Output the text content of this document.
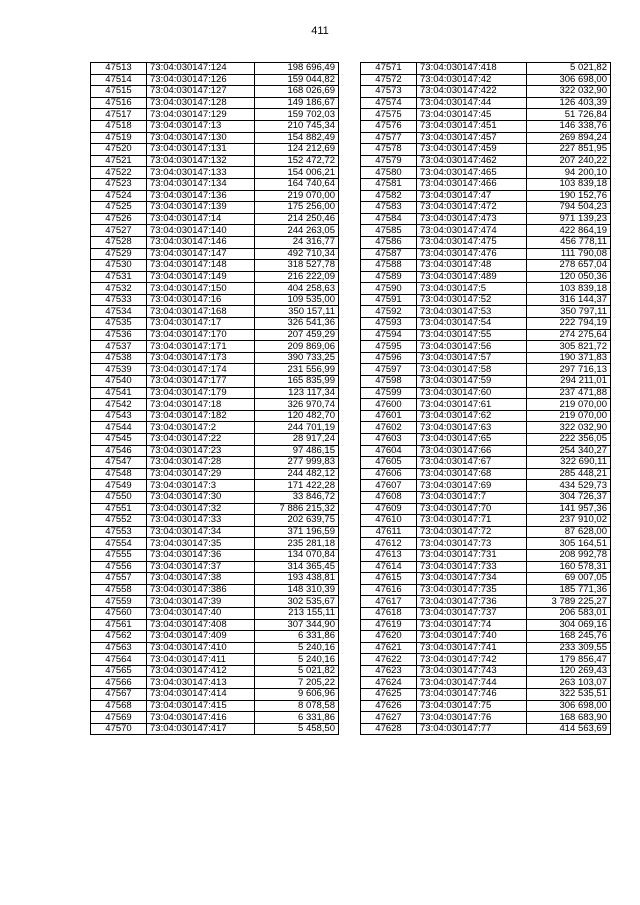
411
47513	73:04:030147:124	198 696,49
47514	73:04:030147:126	159 044,82
47515	73:04:030147:127	168 026,69
47516	73:04:030147:128	149 186,67
47517	73:04:030147:129	159 702,03
47518	73:04:030147:13	210 745,34
47519	73:04:030147:130	154 882,49
47520	73:04:030147:131	124 212,69
47521	73:04:030147:132	152 472,72
47522	73:04:030147:133	154 006,21
47523	73:04:030147:134	164 740,64
47524	73:04:030147:136	219 070,00
47525	73:04:030147:139	175 256,00
47526	73:04:030147:14	214 250,46
47527	73:04:030147:140	244 263,05
47528	73:04:030147:146	24 316,77
47529	73:04:030147:147	492 710,34
47530	73:04:030147:148	318 527,78
47531	73:04:030147:149	216 222,09
47532	73:04:030147:150	404 258,63
47533	73:04:030147:16	109 535,00
47534	73:04:030147:168	350 157,11
47535	73:04:030147:17	326 541,36
47536	73:04:030147:170	207 459,29
47537	73:04:030147:171	209 869,06
47538	73:04:030147:173	390 733,25
47539	73:04:030147:174	231 556,99
47540	73:04:030147:177	165 835,99
47541	73:04:030147:179	123 117,34
47542	73:04:030147:18	326 970,74
47543	73:04:030147:182	120 482,70
47544	73:04:030147:2	244 701,19
47545	73:04:030147:22	28 917,24
47546	73:04:030147:23	97 486,15
47547	73:04:030147:28	277 999,83
47548	73:04:030147:29	244 482,12
47549	73:04:030147:3	171 422,28
47550	73:04:030147:30	33 846,72
47551	73:04:030147:32	7 886 215,32
47552	73:04:030147:33	202 639,75
47553	73:04:030147:34	371 196,59
47554	73:04:030147:35	235 281,18
47555	73:04:030147:36	134 070,84
47556	73:04:030147:37	314 365,45
47557	73:04:030147:38	193 438,81
47558	73:04:030147:386	148 310,39
47559	73:04:030147:39	302 535,67
47560	73:04:030147:40	213 155,11
47561	73:04:030147:408	307 344,90
47562	73:04:030147:409	6 331,86
47563	73:04:030147:410	5 240,16
47564	73:04:030147:411	5 240,16
47565	73:04:030147:412	5 021,82
47566	73:04:030147:413	7 205,22
47567	73:04:030147:414	9 606,96
47568	73:04:030147:415	8 078,58
47569	73:04:030147:416	6 331,86
47570	73:04:030147:417	5 458,50
47571	73:04:030147:418	5 021,82
47572	73:04:030147:42	306 698,00
47573	73:04:030147:422	322 032,90
47574	73:04:030147:44	126 403,39
47575	73:04:030147:45	51 726,84
47576	73:04:030147:451	146 338,76
47577	73:04:030147:457	269 894,24
47578	73:04:030147:459	227 851,95
47579	73:04:030147:462	207 240,22
47580	73:04:030147:465	94 200,10
47581	73:04:030147:466	103 839,18
47582	73:04:030147:47	190 152,76
47583	73:04:030147:472	794 504,23
47584	73:04:030147:473	971 139,23
47585	73:04:030147:474	422 864,19
47586	73:04:030147:475	456 778,11
47587	73:04:030147:476	111 790,08
47588	73:04:030147:48	278 657,04
47589	73:04:030147:489	120 050,36
47590	73:04:030147:5	103 839,18
47591	73:04:030147:52	316 144,37
47592	73:04:030147:53	350 797,11
47593	73:04:030147:54	222 794,19
47594	73:04:030147:55	274 275,64
47595	73:04:030147:56	305 821,72
47596	73:04:030147:57	190 371,83
47597	73:04:030147:58	297 716,13
47598	73:04:030147:59	294 211,01
47599	73:04:030147:60	237 471,88
47600	73:04:030147:61	219 070,00
47601	73:04:030147:62	219 070,00
47602	73:04:030147:63	322 032,90
47603	73:04:030147:65	222 356,05
47604	73:04:030147:66	254 340,27
47605	73:04:030147:67	322 690,11
47606	73:04:030147:68	285 448,21
47607	73:04:030147:69	434 529,73
47608	73:04:030147:7	304 726,37
47609	73:04:030147:70	141 957,36
47610	73:04:030147:71	237 910,02
47611	73:04:030147:72	87 628,00
47612	73:04:030147:73	305 164,51
47613	73:04:030147:731	208 992,78
47614	73:04:030147:733	160 578,31
47615	73:04:030147:734	69 007,05
47616	73:04:030147:735	185 771,36
47617	73:04:030147:736	3 789 225,27
47618	73:04:030147:737	206 583,01
47619	73:04:030147:74	304 069,16
47620	73:04:030147:740	168 245,76
47621	73:04:030147:741	233 309,55
47622	73:04:030147:742	179 856,47
47623	73:04:030147:743	120 269,43
47624	73:04:030147:744	263 103,07
47625	73:04:030147:746	322 535,51
47626	73:04:030147:75	306 698,00
47627	73:04:030147:76	168 683,90
47628	73:04:030147:77	414 563,69
